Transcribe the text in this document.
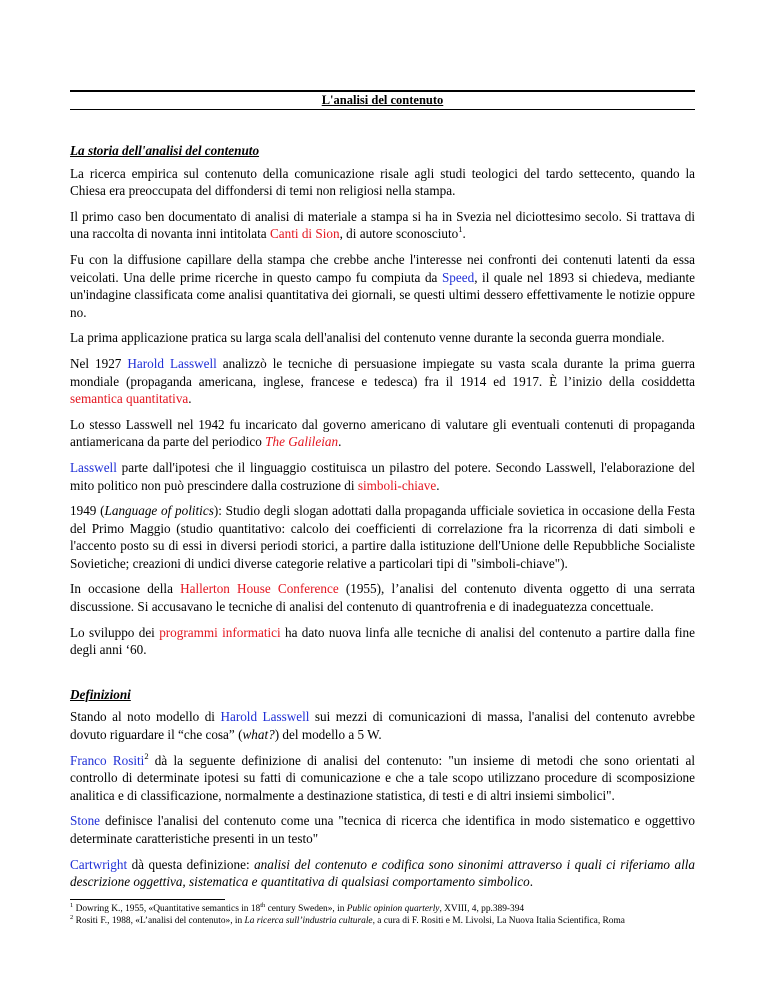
L'analisi del contenuto
La storia dell'analisi del contenuto

La ricerca empirica sul contenuto della comunicazione risale agli studi teologici del tardo settecento, quando la Chiesa era preoccupata del diffondersi di temi non religiosi nella stampa.

Il primo caso ben documentato di analisi di materiale a stampa si ha in Svezia nel diciottesimo secolo. Si trattava di una raccolta di novanta inni intitolata Canti di Sion, di autore sconosciuto$^1$.

Fu con la diffusione capillare della stampa che crebbe anche l'interesse nei confronti dei contenuti latenti da essa veicolati. Una delle prime ricerche in questo campo fu compiuta da Speed, il quale nel 1893 si chiedeva, mediante un'indagine classificata come analisi quantitativa dei giornali, se questi ultimi dessero effettivamente le notizie oppure no.

La prima applicazione pratica su larga scala dell'analisi del contenuto venne durante la seconda guerra mondiale.

Nel 1927 Harold Lasswell analizzò le tecniche di persuasione impiegate su vasta scala durante la prima guerra mondiale (propaganda americana, inglese, francese e tedesca) fra il 1914 ed 1917. È l’inizio della cosiddetta semantica quantitativa.

Lo stesso Lasswell nel 1942 fu incaricato dal governo americano di valutare gli eventuali contenuti di propaganda antiamericana da parte del periodico The Galileian.

Lasswell parte dall'ipotesi che il linguaggio costituisca un pilastro del potere. Secondo Lasswell, l'elaborazione del mito politico non può prescindere dalla costruzione di simboli-chiave.

1949 (Language of politics): Studio degli slogan adottati dalla propaganda ufficiale sovietica in occasione della Festa del Primo Maggio (studio quantitativo: calcolo dei coefficienti di correlazione fra la ricorrenza di dati simboli e l'accento posto su di essi in diversi periodi storici, a partire dalla istituzione dell'Unione delle Repubbliche Socialiste Sovietiche; creazioni di undici diverse categorie relative a particolari tipi di "simboli-chiave").

In occasione della Hallerton House Conference (1955), l’analisi del contenuto diventa oggetto di una serrata discussione. Si accusavano le tecniche di analisi del contenuto di quantrofrenia e di inadeguatezza concettuale.

Lo sviluppo dei programmi informatici ha dato nuova linfa alle tecniche di analisi del contenuto a partire dalla fine degli anni ‘60.

Definizioni

Stando al noto modello di Harold Lasswell sui mezzi di comunicazioni di massa, l'analisi del contenuto avrebbe dovuto riguardare il “che cosa” (what?) del modello a 5 W.

Franco Rositi$^2$ dà la seguente definizione di analisi del contenuto: "un insieme di metodi che sono orientati al controllo di determinate ipotesi su fatti di comunicazione e che a tale scopo utilizzano procedure di scomposizione analitica e di classificazione, normalmente a destinazione statistica, di testi e di altri insiemi simbolici".

Stone definisce l'analisi del contenuto come una "tecnica di ricerca che identifica in modo sistematico e oggettivo determinate caratteristiche presenti in un testo"

Cartwright dà questa definizione: analisi del contenuto e codifica sono sinonimi attraverso i quali ci riferiamo alla descrizione oggettiva, sistematica e quantitativa di qualsiasi comportamento simbolico.

$^1$ Dowring K., 1955, «Quantitative semantics in 18th century Sweden», in Public opinion quarterly, XVIII, 4, pp.389-394

$^2$ Rositi F., 1988, «L’analisi del contenuto», in La ricerca sull’industria culturale, a cura di F. Rositi e M. Livolsi, La Nuova Italia Scientifica, Roma
